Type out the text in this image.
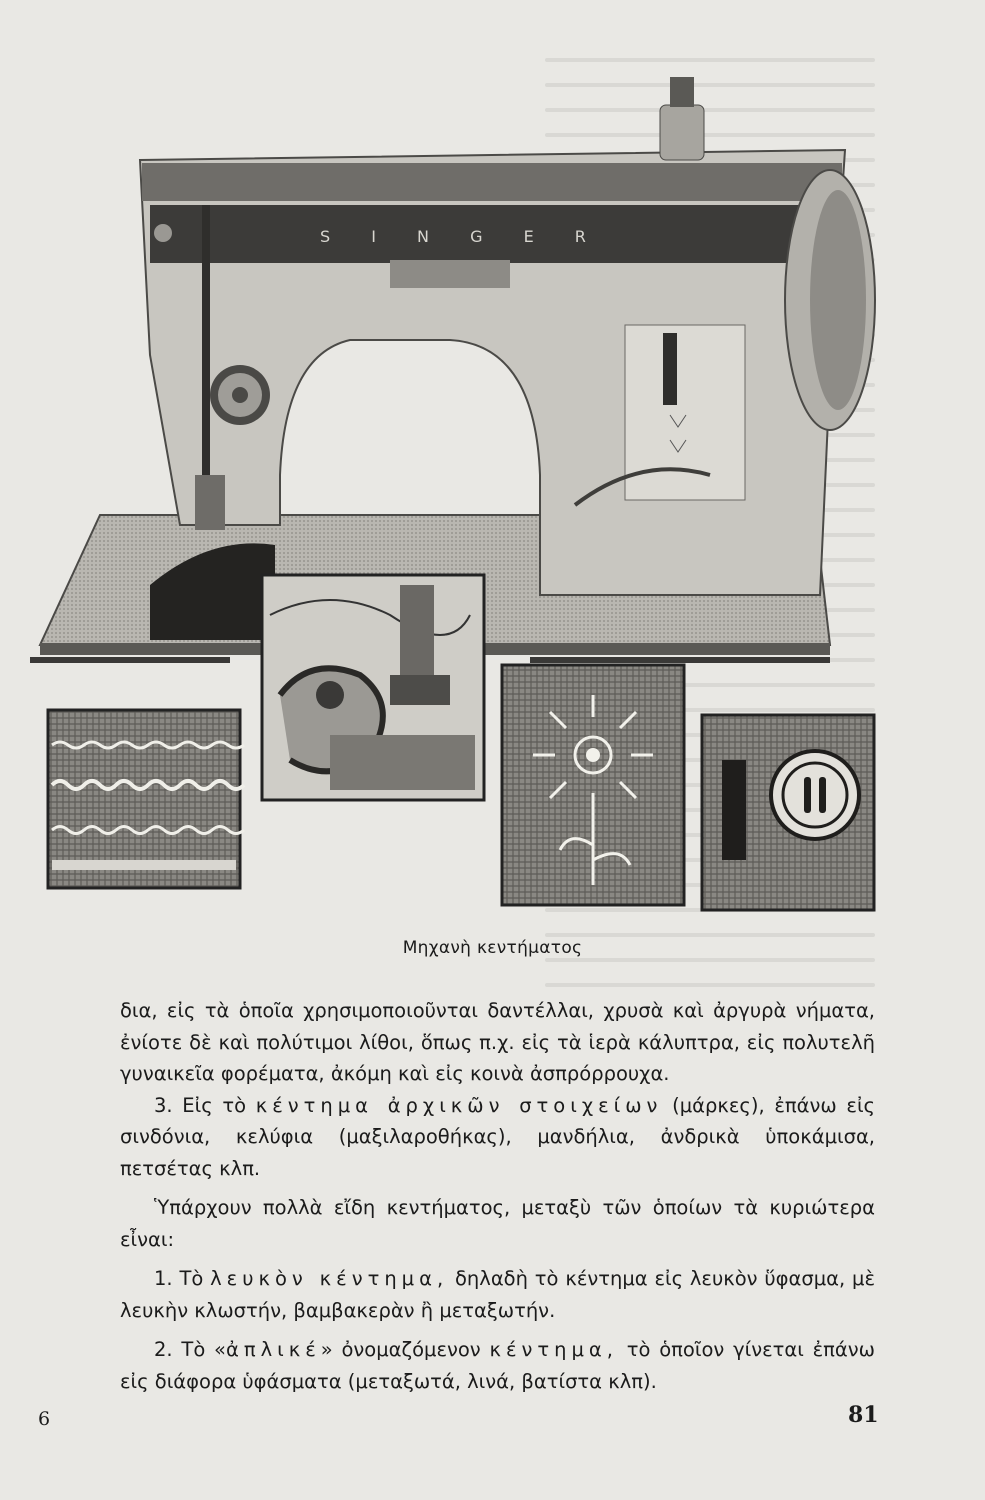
S I N G E R
Μηχανὴ κεντήματος

δια, εἰς τὰ ὁποῖα χρησιμοποιοῦνται δαντέλλαι, χρυσὰ καὶ ἀργυρὰ νήματα, ἐνίοτε δὲ καὶ πολύτιμοι λίθοι, ὅπως π.χ. εἰς τὰ ἱερὰ κάλυπτρα, εἰς πολυτελῆ γυναικεῖα φορέματα, ἀκόμη καὶ εἰς κοινὰ ἀσπρόρρουχα.

3. Εἰς τὸ κέντημα ἀρχικῶν στοιχείων (μάρκες), ἐπάνω εἰς σινδόνια, κελύφια (μαξιλαροθήκας), μανδήλια, ἀνδρικὰ ὑποκάμισα, πετσέτας κλπ.

Ὑπάρχουν πολλὰ εἴδη κεντήματος, μεταξὺ τῶν ὁποίων τὰ κυριώτερα εἶναι:

1. Τὸ λευκὸν κέντημα, δηλαδὴ τὸ κέντημα εἰς λευκὸν ὕφασμα, μὲ λευκὴν κλωστήν, βαμβακερὰν ἢ μεταξωτήν.

2. Τὸ «ἀπλικέ» ὀνομαζόμενον κέντημα, τὸ ὁποῖον γίνεται ἐπάνω εἰς διάφορα ὑφάσματα (μεταξωτά, λινά, βατίστα κλπ).

6	81
